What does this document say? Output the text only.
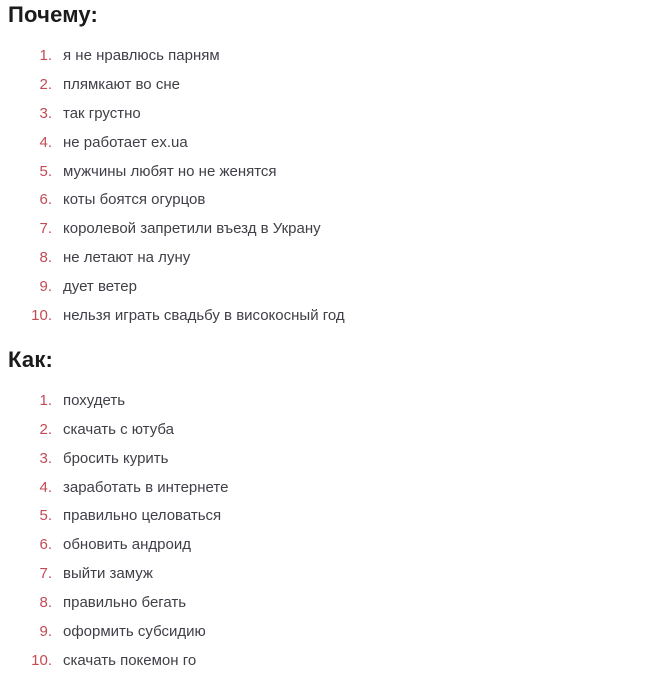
Почему:
1. я не нравлюсь парням
2. плямкают во сне
3. так грустно
4. не работает ex.ua
5. мужчины любят но не женятся
6. коты боятся огурцов
7. королевой запретили въезд в Украну
8. не летают на луну
9. дует ветер
10. нельзя играть свадьбу в високосный год
Как:
1. похудеть
2. скачать с ютуба
3. бросить курить
4. заработать в интернете
5. правильно целоваться
6. обновить андроид
7. выйти замуж
8. правильно бегать
9. оформить субсидию
10. скачать покемон го
